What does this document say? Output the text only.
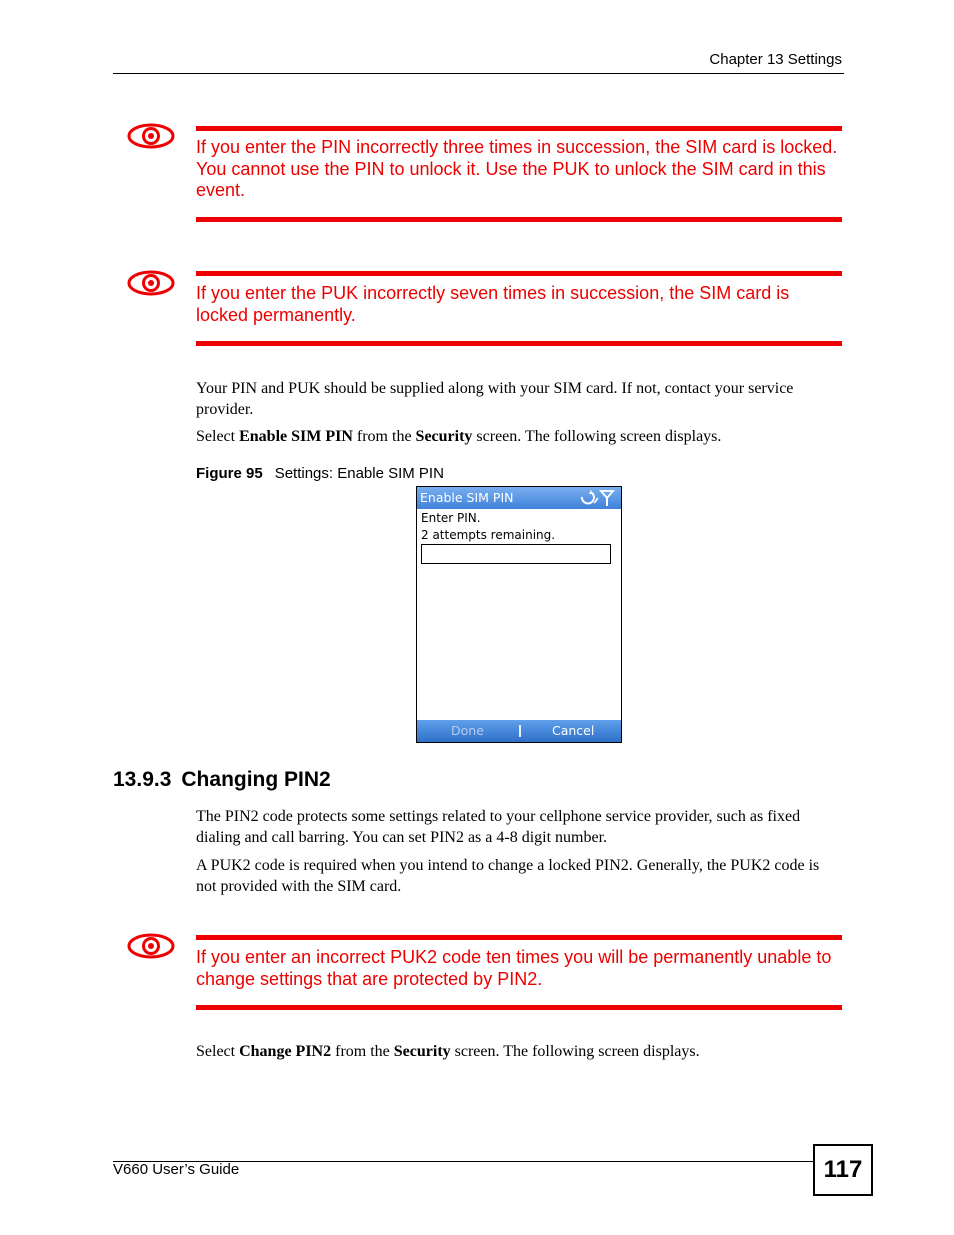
Chapter 13 Settings
If you enter the PIN incorrectly three times in succession, the SIM card is locked. You cannot use the PIN to unlock it. Use the PUK to unlock the SIM card in this event.
If you enter the PUK incorrectly seven times in succession, the SIM card is locked permanently.
Your PIN and PUK should be supplied along with your SIM card. If not, contact your service provider.
Select Enable SIM PIN from the Security screen. The following screen displays.
Figure 95 Settings: Enable SIM PIN
Enable SIM PIN
Enter PIN.
2 attempts remaining.
Done	Cancel
13.9.3 Changing PIN2
The PIN2 code protects some settings related to your cellphone service provider, such as fixed dialing and call barring. You can set PIN2 as a 4-8 digit number.
A PUK2 code is required when you intend to change a locked PIN2. Generally, the PUK2 code is not provided with the SIM card.
If you enter an incorrect PUK2 code ten times you will be permanently unable to change settings that are protected by PIN2.
Select Change PIN2 from the Security screen. The following screen displays.
V660 User’s Guide	117
